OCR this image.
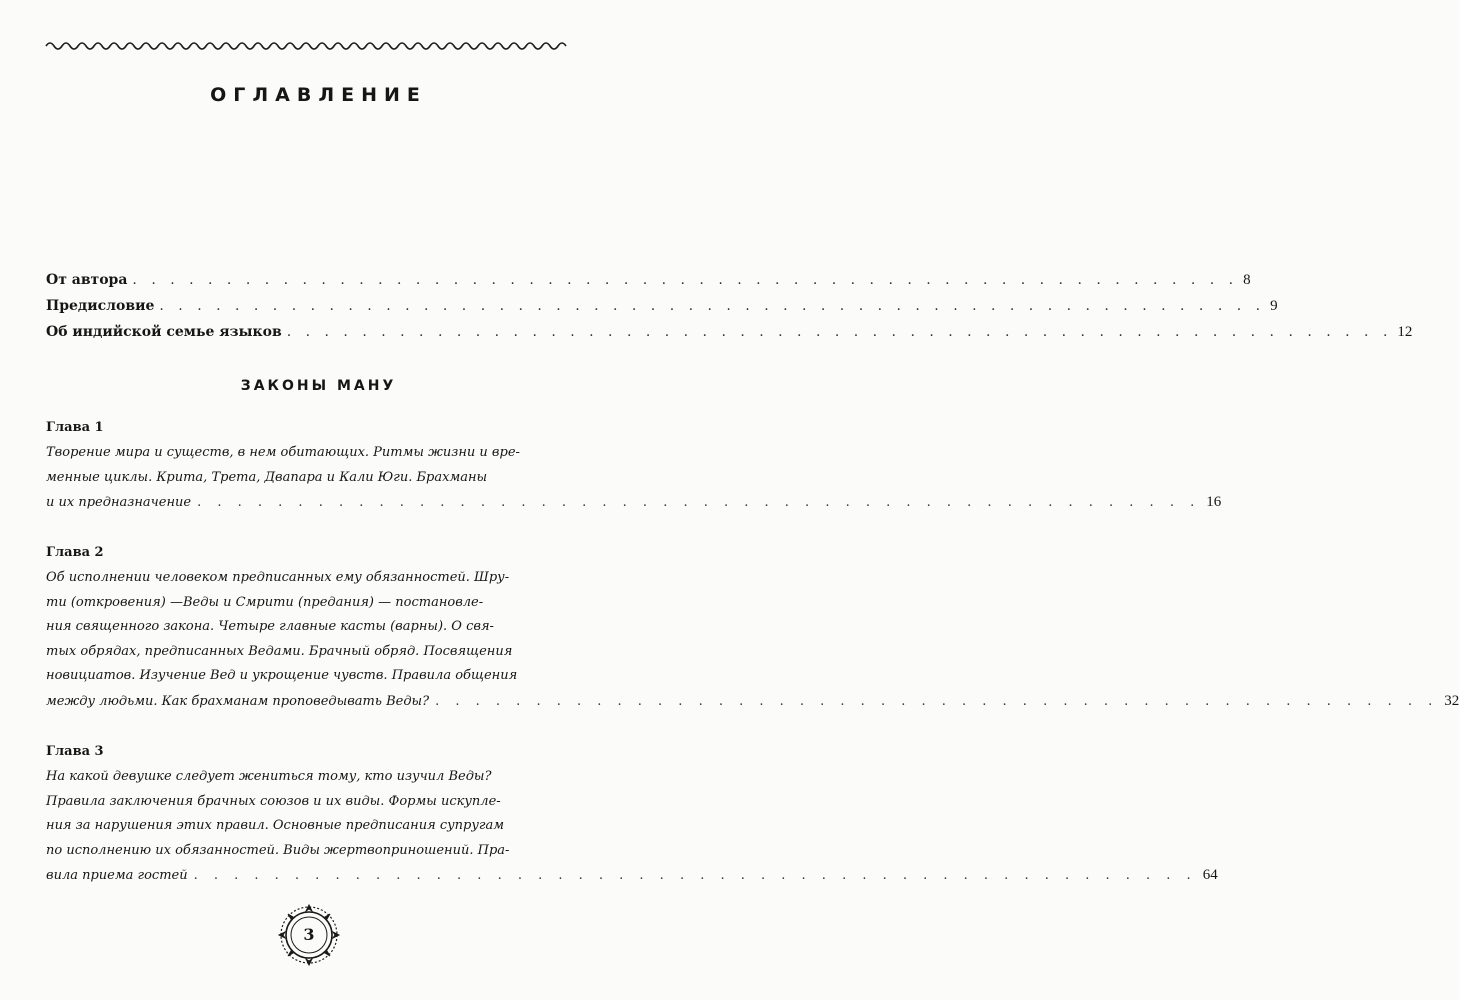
ОГЛАВЛЕНИЕ
От автора . . . . . . . . . . . . . . . . . . . . . . . . . . . . . . . . . . . . . . . . . . . . . . . . . . . . . . . . . . . 8
Предисловие . . . . . . . . . . . . . . . . . . . . . . . . . . . . . . . . . . . . . . . . . . . . . . . . . . . . . . . . . . . 9
Об индийской семье языков . . . . . . . . . . . . . . . . . . . . . . . . . . . . . . . . . . . . . . . . . . . . . . . . . . . . . . . . . . . 12
ЗАКОНЫ МАНУ
Глава 1
Творение мира и существ, в нем обитающих. Ритмы жизни и вре-
менные циклы. Крита, Трета, Двапара и Кали Юги. Брахманы
и их предназначение . . . . . . . . . . . . . . . . . . . . . . . . . . . . . . . . . . . . . . . . . . . . . . . . . . 16
Глава 2
Об исполнении человеком предписанных ему обязанностей. Шру-
ти (откровения) —Веды и Смрити (предания) — постановле-
ния священного закона. Четыре главные касты (варны). О свя-
тых обрядах, предписанных Ведами. Брачный обряд. Посвящения
новициатов. Изучение Вед и укрощение чувств. Правила общения
между людьми. Как брахманам проповедывать Веды? . . . . . . . . . . . . . . . . . . . . . . . . . . . . . . . . . . . . . . . . . . . . . . . . . . 32
Глава 3
На какой девушке следует жениться тому, кто изучил Веды?
Правила заключения брачных союзов и их виды. Формы искупле-
ния за нарушения этих правил. Основные предписания супругам
по исполнению их обязанностей. Виды жертвоприношений. Пра-
вила приема гостей . . . . . . . . . . . . . . . . . . . . . . . . . . . . . . . . . . . . . . . . . . . . . . . . . . 64
3
